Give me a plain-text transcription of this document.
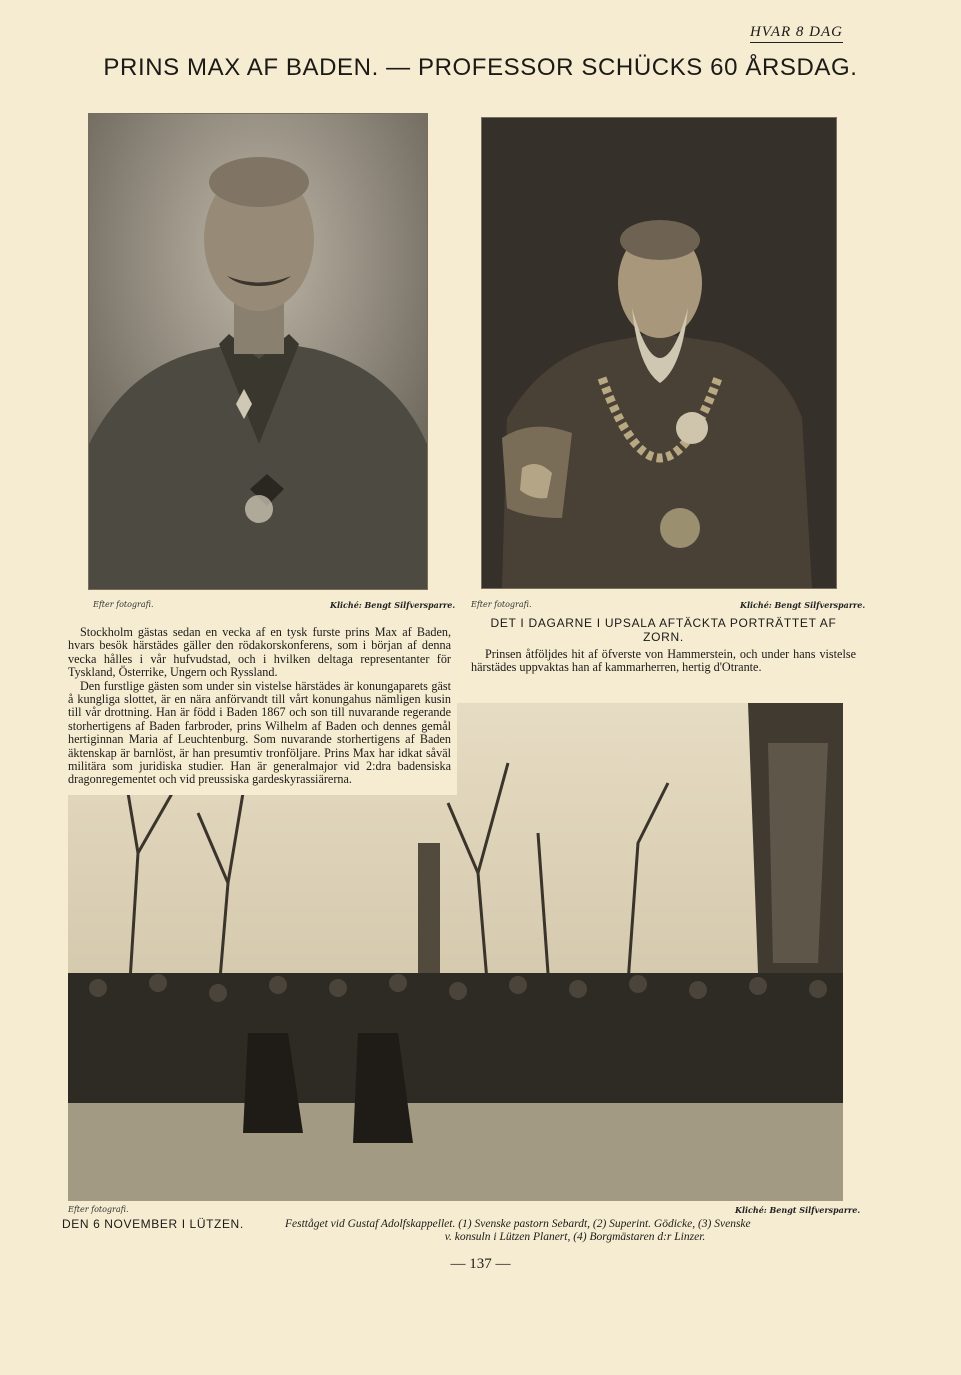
HVAR 8 DAG
PRINS MAX AF BADEN. — PROFESSOR SCHÜCKS 60 ÅRSDAG.
Efter fotografi.	Kliché: Bengt Silfversparre. Efter fotografi.	Kliché: Bengt Silfversparre.
DET I DAGARNE I UPSALA AFTÄCKTA PORTRÄTTET AF ZORN.
Prinsen åtföljdes hit af öfverste von Hammerstein, och under hans vistelse härstädes uppvaktas han af kammarherren, hertig d'Otrante.

Stockholm gästas sedan en vecka af en tysk furste prins Max af Baden, hvars besök härstädes gäller den rödakorskonferens, som i början af denna vecka hålles i vår hufvudstad, och i hvilken deltaga representanter för Tyskland, Österrike, Ungern och Ryssland.

Den furstlige gästen som under sin vistelse härstädes är konungaparets gäst å kungliga slottet, är en nära anförvandt till vårt konungahus nämligen kusin till vår drottning. Han är född i Baden 1867 och son till nuvarande regerande storhertigens af Baden farbroder, prins Wilhelm af Baden och dennes gemål hertiginnan Maria af Leuchtenburg. Som nuvarande storhertigens af Baden äktenskap är barnlöst, är han presumtiv tronföljare. Prins Max har idkat såväl militära som juridiska studier. Han är generalmajor vid 2:dra badensiska dragonregementet och vid preussiska gardeskyrassiärerna.

Efter fotografi.	Kliché: Bengt Silfversparre.
DEN 6 NOVEMBER I LÜTZEN.	Festtåget vid Gustaf Adolfskappellet. (1) Svenske pastorn Sebardt, (2) Superint. Gödicke, (3) Svenske
v. konsuln i Lützen Planert, (4) Borgmästaren d:r Linzer.
— 137 —
